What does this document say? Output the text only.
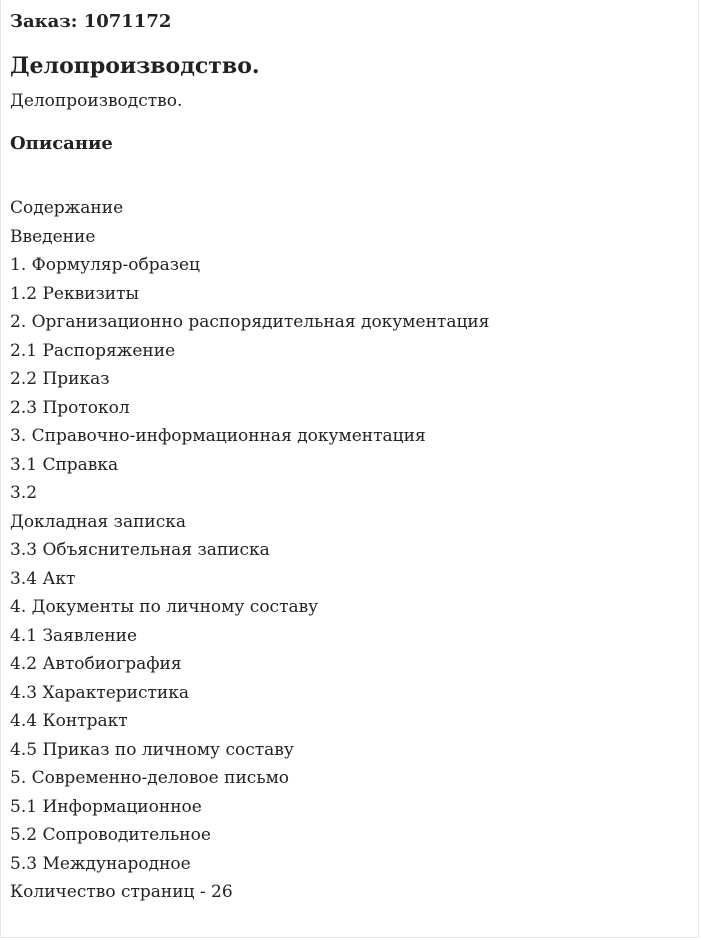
Заказ: 1071172
Делопроизводство.
Делопроизводство.
Описание
Содержание
Введение
1. Формуляр-образец
1.2 Реквизиты
2. Организационно распорядительная документация
2.1 Распоряжение
2.2 Приказ
2.3 Протокол
3. Справочно-информационная документация
3.1 Справка
3.2
Докладная записка
3.3 Объяснительная записка
3.4 Акт
4. Документы по личному составу
4.1 Заявление
4.2 Автобиография
4.3 Характеристика
4.4 Контракт
4.5 Приказ по личному составу
5. Современно-деловое письмо
5.1 Информационное
5.2 Сопроводительное
5.3 Международное
Количество страниц - 26
